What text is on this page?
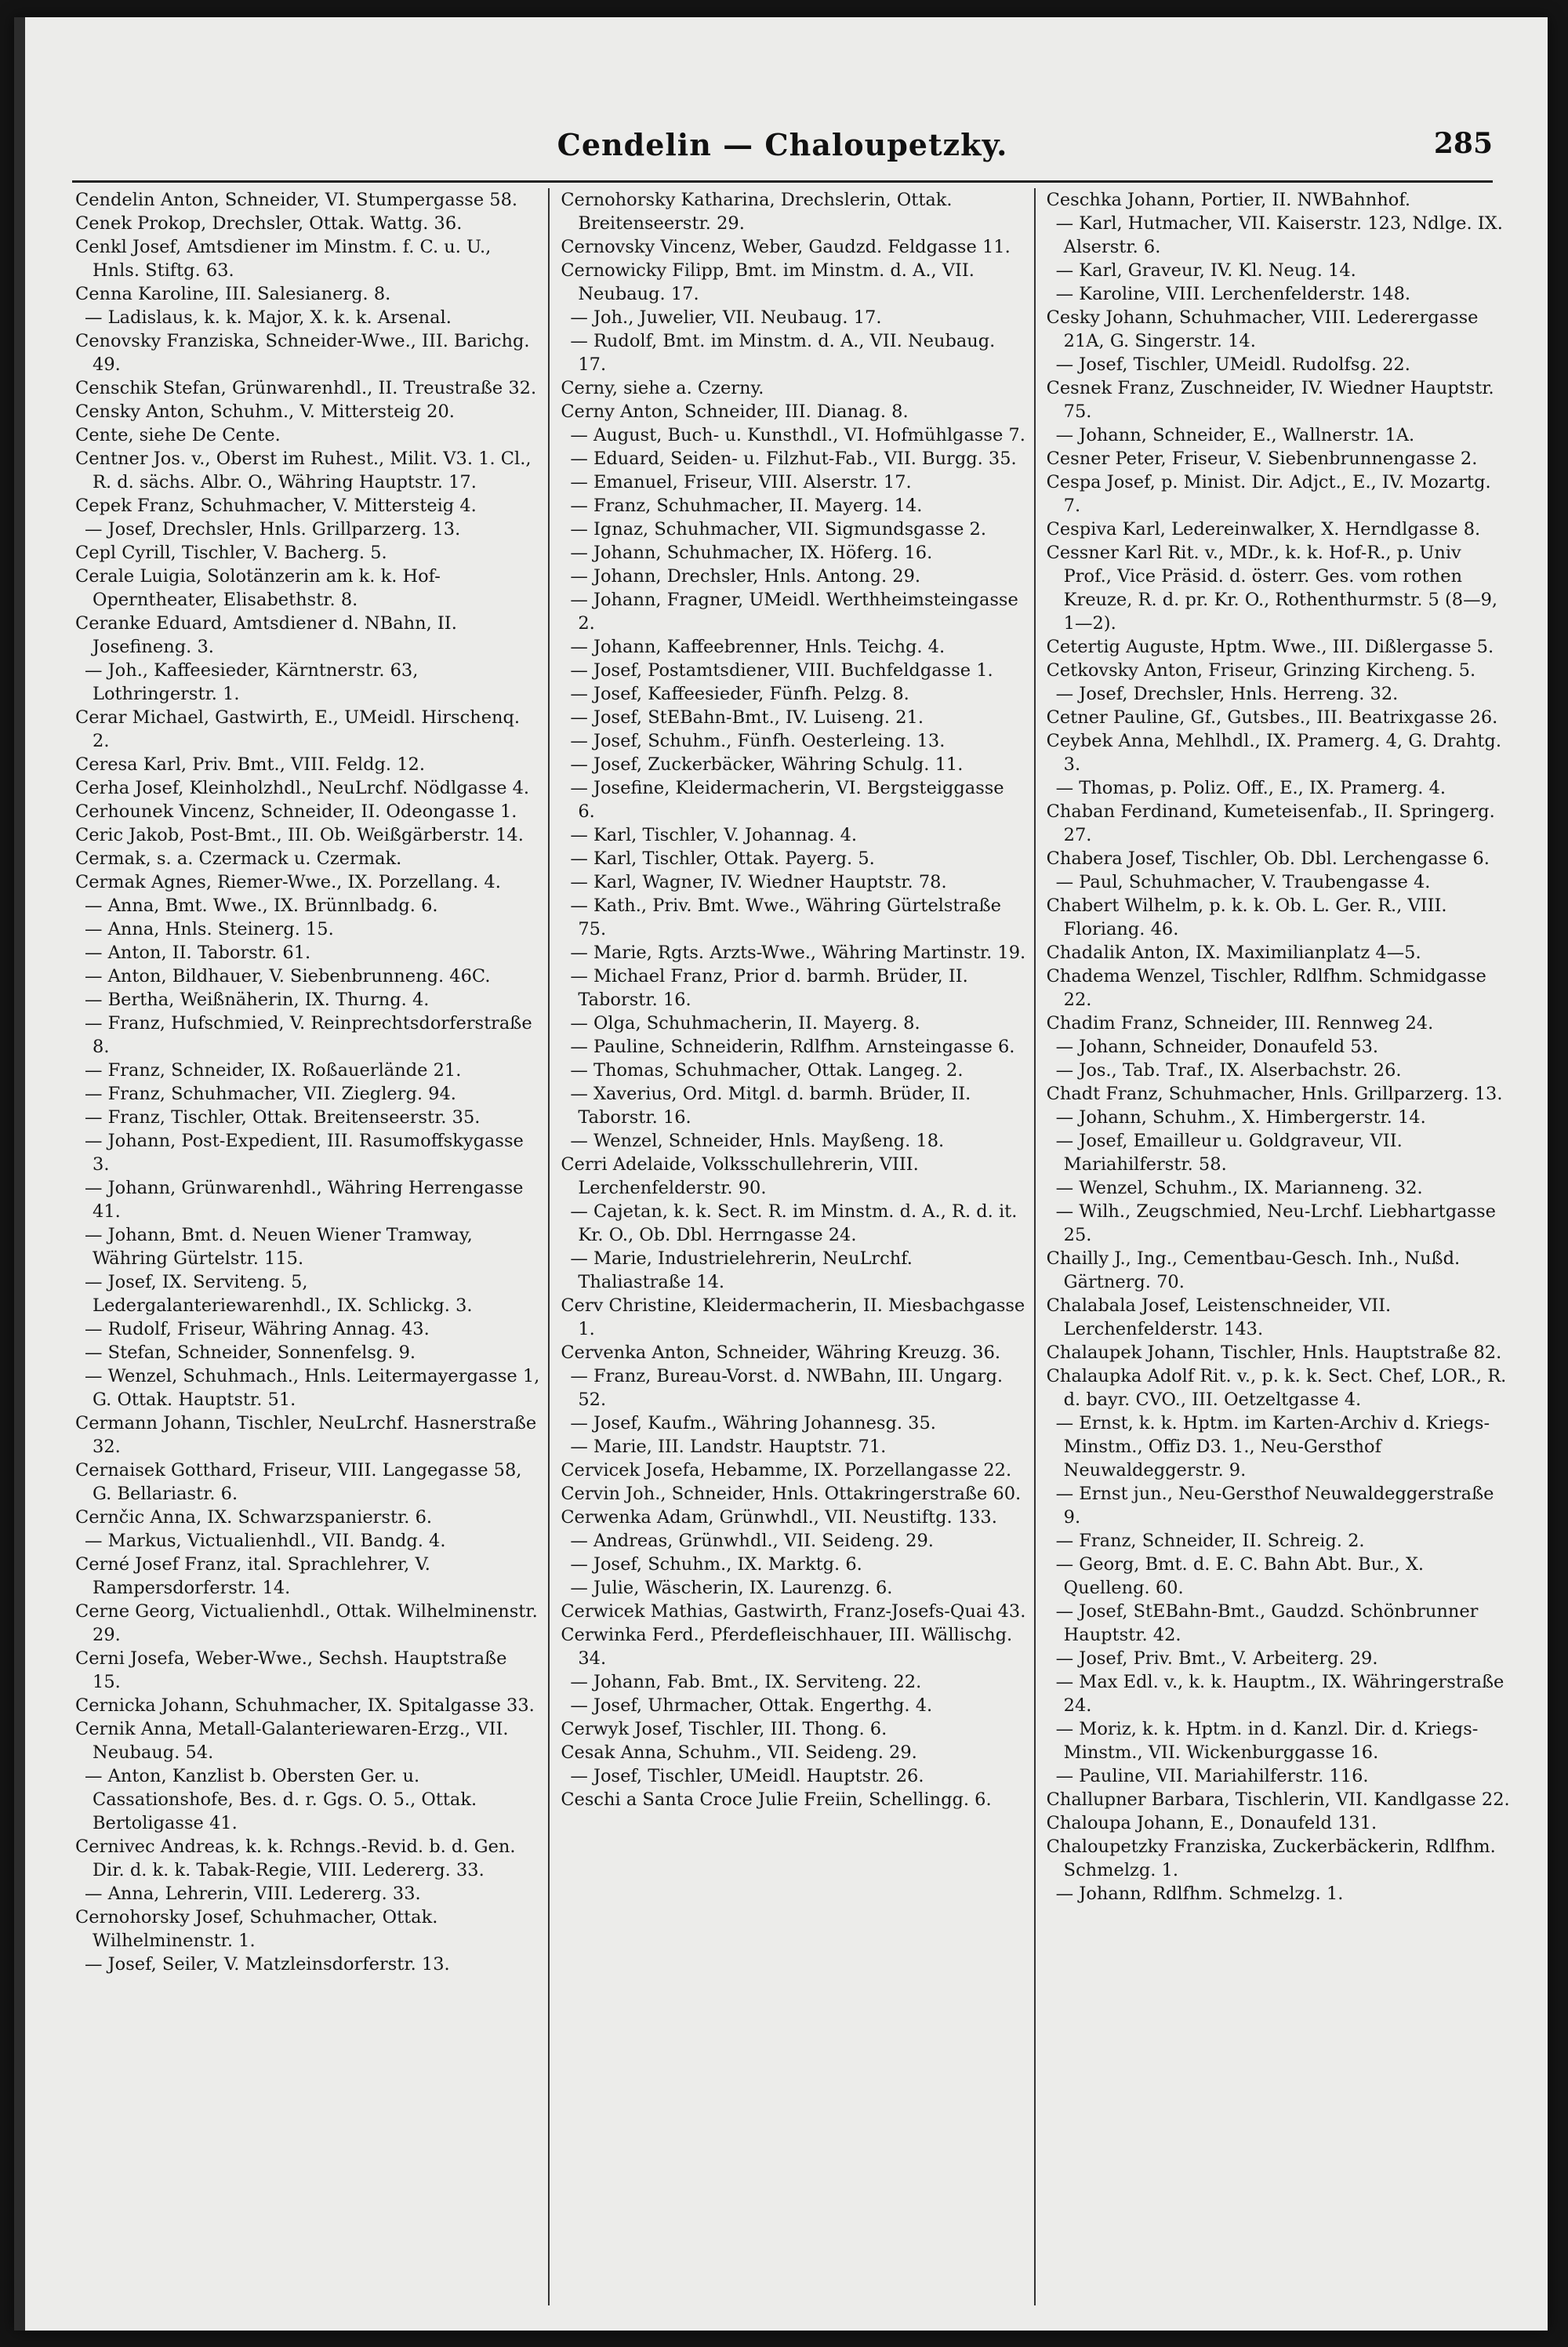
Cendelin — Chaloupetzky.	285
Cendelin Anton, Schneider, VI. Stumpergasse 58.
Cenek Prokop, Drechsler, Ottak. Wattg. 36.
Cenkl Josef, Amtsdiener im Minstm. f. C. u. U., Hnls. Stiftg. 63.
Cenna Karoline, III. Salesianerg. 8.
— Ladislaus, k. k. Major, X. k. k. Arsenal.
Cenovsky Franziska, Schneider-Wwe., III. Barichg. 49.
Censchik Stefan, Grünwarenhdl., II. Treustraße 32.
Censky Anton, Schuhm., V. Mittersteig 20.
Cente, siehe De Cente.
Centner Jos. v., Oberst im Ruhest., Milit. V3. 1. Cl., R. d. sächs. Albr. O., Währing Hauptstr. 17.
Cepek Franz, Schuhmacher, V. Mittersteig 4.
— Josef, Drechsler, Hnls. Grillparzerg. 13.
Cepl Cyrill, Tischler, V. Bacherg. 5.
Cerale Luigia, Solotänzerin am k. k. Hof-Operntheater, Elisabethstr. 8.
Ceranke Eduard, Amtsdiener d. NBahn, II. Josefineng. 3.
— Joh., Kaffeesieder, Kärntnerstr. 63, Lothringerstr. 1.
Cerar Michael, Gastwirth, E., UMeidl. Hirschenq. 2.
Ceresa Karl, Priv. Bmt., VIII. Feldg. 12.
Cerha Josef, Kleinholzhdl., NeuLrchf. Nödlgasse 4.
Cerhounek Vincenz, Schneider, II. Odeongasse 1.
Ceric Jakob, Post-Bmt., III. Ob. Weißgärberstr. 14.
Cermak, s. a. Czermack u. Czermak.
Cermak Agnes, Riemer-Wwe., IX. Porzellang. 4.
— Anna, Bmt. Wwe., IX. Brünnlbadg. 6.
— Anna, Hnls. Steinerg. 15.
— Anton, II. Taborstr. 61.
— Anton, Bildhauer, V. Siebenbrunneng. 46C.
— Bertha, Weißnäherin, IX. Thurng. 4.
— Franz, Hufschmied, V. Reinprechtsdorferstraße 8.
— Franz, Schneider, IX. Roßauerlände 21.
— Franz, Schuhmacher, VII. Zieglerg. 94.
— Franz, Tischler, Ottak. Breitenseerstr. 35.
— Johann, Post-Expedient, III. Rasumoffskygasse 3.
— Johann, Grünwarenhdl., Währing Herrengasse 41.
— Johann, Bmt. d. Neuen Wiener Tramway, Währing Gürtelstr. 115.
— Josef, IX. Serviteng. 5, Ledergalanteriewarenhdl., IX. Schlickg. 3.
— Rudolf, Friseur, Währing Annag. 43.
— Stefan, Schneider, Sonnenfelsg. 9.
— Wenzel, Schuhmach., Hnls. Leitermayergasse 1, G. Ottak. Hauptstr. 51.
Cermann Johann, Tischler, NeuLrchf. Hasnerstraße 32.
Cernaisek Gotthard, Friseur, VIII. Langegasse 58, G. Bellariastr. 6.
Cernčic Anna, IX. Schwarzspanierstr. 6.
— Markus, Victualienhdl., VII. Bandg. 4.
Cerné Josef Franz, ital. Sprachlehrer, V. Rampersdorferstr. 14.
Cerne Georg, Victualienhdl., Ottak. Wilhelminenstr. 29.
Cerni Josefa, Weber-Wwe., Sechsh. Hauptstraße 15.
Cernicka Johann, Schuhmacher, IX. Spitalgasse 33.
Cernik Anna, Metall-Galanteriewaren-Erzg., VII. Neubaug. 54.
— Anton, Kanzlist b. Obersten Ger. u. Cassationshofe, Bes. d. r. Ggs. O. 5., Ottak. Bertoligasse 41.
Cernivec Andreas, k. k. Rchngs.-Revid. b. d. Gen. Dir. d. k. k. Tabak-Regie, VIII. Ledererg. 33.
— Anna, Lehrerin, VIII. Ledererg. 33.
Cernohorsky Josef, Schuhmacher, Ottak. Wilhelminenstr. 1.
— Josef, Seiler, V. Matzleinsdorferstr. 13.
Cernohorsky Katharina, Drechslerin, Ottak. Breitenseerstr. 29.
Cernovsky Vincenz, Weber, Gaudzd. Feldgasse 11.
Cernowicky Filipp, Bmt. im Minstm. d. A., VII. Neubaug. 17.
— Joh., Juwelier, VII. Neubaug. 17.
— Rudolf, Bmt. im Minstm. d. A., VII. Neubaug. 17.
Cerny, siehe a. Czerny.
Cerny Anton, Schneider, III. Dianag. 8.
— August, Buch- u. Kunsthdl., VI. Hofmühlgasse 7.
— Eduard, Seiden- u. Filzhut-Fab., VII. Burgg. 35.
— Emanuel, Friseur, VIII. Alserstr. 17.
— Franz, Schuhmacher, II. Mayerg. 14.
— Ignaz, Schuhmacher, VII. Sigmundsgasse 2.
— Johann, Schuhmacher, IX. Höferg. 16.
— Johann, Drechsler, Hnls. Antong. 29.
— Johann, Fragner, UMeidl. Werthheimsteingasse 2.
— Johann, Kaffeebrenner, Hnls. Teichg. 4.
— Josef, Postamtsdiener, VIII. Buchfeldgasse 1.
— Josef, Kaffeesieder, Fünfh. Pelzg. 8.
— Josef, StEBahn-Bmt., IV. Luiseng. 21.
— Josef, Schuhm., Fünfh. Oesterleing. 13.
— Josef, Zuckerbäcker, Währing Schulg. 11.
— Josefine, Kleidermacherin, VI. Bergsteiggasse 6.
— Karl, Tischler, V. Johannag. 4.
— Karl, Tischler, Ottak. Payerg. 5.
— Karl, Wagner, IV. Wiedner Hauptstr. 78.
— Kath., Priv. Bmt. Wwe., Währing Gürtelstraße 75.
— Marie, Rgts. Arzts-Wwe., Währing Martinstr. 19.
— Michael Franz, Prior d. barmh. Brüder, II. Taborstr. 16.
— Olga, Schuhmacherin, II. Mayerg. 8.
— Pauline, Schneiderin, Rdlfhm. Arnsteingasse 6.
— Thomas, Schuhmacher, Ottak. Langeg. 2.
— Xaverius, Ord. Mitgl. d. barmh. Brüder, II. Taborstr. 16.
— Wenzel, Schneider, Hnls. Mayßeng. 18.
Cerri Adelaide, Volksschullehrerin, VIII. Lerchenfelderstr. 90.
— Cajetan, k. k. Sect. R. im Minstm. d. A., R. d. it. Kr. O., Ob. Dbl. Herrngasse 24.
— Marie, Industrielehrerin, NeuLrchf. Thaliastraße 14.
Cerv Christine, Kleidermacherin, II. Miesbachgasse 1.
Cervenka Anton, Schneider, Währing Kreuzg. 36.
— Franz, Bureau-Vorst. d. NWBahn, III. Ungarg. 52.
— Josef, Kaufm., Währing Johannesg. 35.
— Marie, III. Landstr. Hauptstr. 71.
Cervicek Josefa, Hebamme, IX. Porzellangasse 22.
Cervin Joh., Schneider, Hnls. Ottakringerstraße 60.
Cerwenka Adam, Grünwhdl., VII. Neustiftg. 133.
— Andreas, Grünwhdl., VII. Seideng. 29.
— Josef, Schuhm., IX. Marktg. 6.
— Julie, Wäscherin, IX. Laurenzg. 6.
Cerwicek Mathias, Gastwirth, Franz-Josefs-Quai 43.
Cerwinka Ferd., Pferdefleischhauer, III. Wällischg. 34.
— Johann, Fab. Bmt., IX. Serviteng. 22.
— Josef, Uhrmacher, Ottak. Engerthg. 4.
Cerwyk Josef, Tischler, III. Thong. 6.
Cesak Anna, Schuhm., VII. Seideng. 29.
— Josef, Tischler, UMeidl. Hauptstr. 26.
Ceschi a Santa Croce Julie Freiin, Schellingg. 6.
Ceschka Johann, Portier, II. NWBahnhof.
— Karl, Hutmacher, VII. Kaiserstr. 123, Ndlge. IX. Alserstr. 6.
— Karl, Graveur, IV. Kl. Neug. 14.
— Karoline, VIII. Lerchenfelderstr. 148.
Cesky Johann, Schuhmacher, VIII. Lederergasse 21A, G. Singerstr. 14.
— Josef, Tischler, UMeidl. Rudolfsg. 22.
Cesnek Franz, Zuschneider, IV. Wiedner Hauptstr. 75.
— Johann, Schneider, E., Wallnerstr. 1A.
Cesner Peter, Friseur, V. Siebenbrunnengasse 2.
Cespa Josef, p. Minist. Dir. Adjct., E., IV. Mozartg. 7.
Cespiva Karl, Ledereinwalker, X. Herndlgasse 8.
Cessner Karl Rit. v., MDr., k. k. Hof-R., p. Univ Prof., Vice Präsid. d. österr. Ges. vom rothen Kreuze, R. d. pr. Kr. O., Rothenthurmstr. 5 (8—9, 1—2).
Cetertig Auguste, Hptm. Wwe., III. Dißlergasse 5.
Cetkovsky Anton, Friseur, Grinzing Kircheng. 5.
— Josef, Drechsler, Hnls. Herreng. 32.
Cetner Pauline, Gf., Gutsbes., III. Beatrixgasse 26.
Ceybek Anna, Mehlhdl., IX. Pramerg. 4, G. Drahtg. 3.
— Thomas, p. Poliz. Off., E., IX. Pramerg. 4.
Chaban Ferdinand, Kumeteisenfab., II. Springerg. 27.
Chabera Josef, Tischler, Ob. Dbl. Lerchengasse 6.
— Paul, Schuhmacher, V. Traubengasse 4.
Chabert Wilhelm, p. k. k. Ob. L. Ger. R., VIII. Floriang. 46.
Chadalik Anton, IX. Maximilianplatz 4—5.
Chadema Wenzel, Tischler, Rdlfhm. Schmidgasse 22.
Chadim Franz, Schneider, III. Rennweg 24.
— Johann, Schneider, Donaufeld 53.
— Jos., Tab. Traf., IX. Alserbachstr. 26.
Chadt Franz, Schuhmacher, Hnls. Grillparzerg. 13.
— Johann, Schuhm., X. Himbergerstr. 14.
— Josef, Emailleur u. Goldgraveur, VII. Mariahilferstr. 58.
— Wenzel, Schuhm., IX. Marianneng. 32.
— Wilh., Zeugschmied, Neu-Lrchf. Liebhartgasse 25.
Chailly J., Ing., Cementbau-Gesch. Inh., Nußd. Gärtnerg. 70.
Chalabala Josef, Leistenschneider, VII. Lerchenfelderstr. 143.
Chalaupek Johann, Tischler, Hnls. Hauptstraße 82.
Chalaupka Adolf Rit. v., p. k. k. Sect. Chef, LOR., R. d. bayr. CVO., III. Oetzeltgasse 4.
— Ernst, k. k. Hptm. im Karten-Archiv d. Kriegs-Minstm., Offiz D3. 1., Neu-Gersthof Neuwaldeggerstr. 9.
— Ernst jun., Neu-Gersthof Neuwaldeggerstraße 9.
— Franz, Schneider, II. Schreig. 2.
— Georg, Bmt. d. E. C. Bahn Abt. Bur., X. Quelleng. 60.
— Josef, StEBahn-Bmt., Gaudzd. Schönbrunner Hauptstr. 42.
— Josef, Priv. Bmt., V. Arbeiterg. 29.
— Max Edl. v., k. k. Hauptm., IX. Währingerstraße 24.
— Moriz, k. k. Hptm. in d. Kanzl. Dir. d. Kriegs-Minstm., VII. Wickenburggasse 16.
— Pauline, VII. Mariahilferstr. 116.
Challupner Barbara, Tischlerin, VII. Kandlgasse 22.
Chaloupa Johann, E., Donaufeld 131.
Chaloupetzky Franziska, Zuckerbäckerin, Rdlfhm. Schmelzg. 1.
— Johann, Rdlfhm. Schmelzg. 1.
